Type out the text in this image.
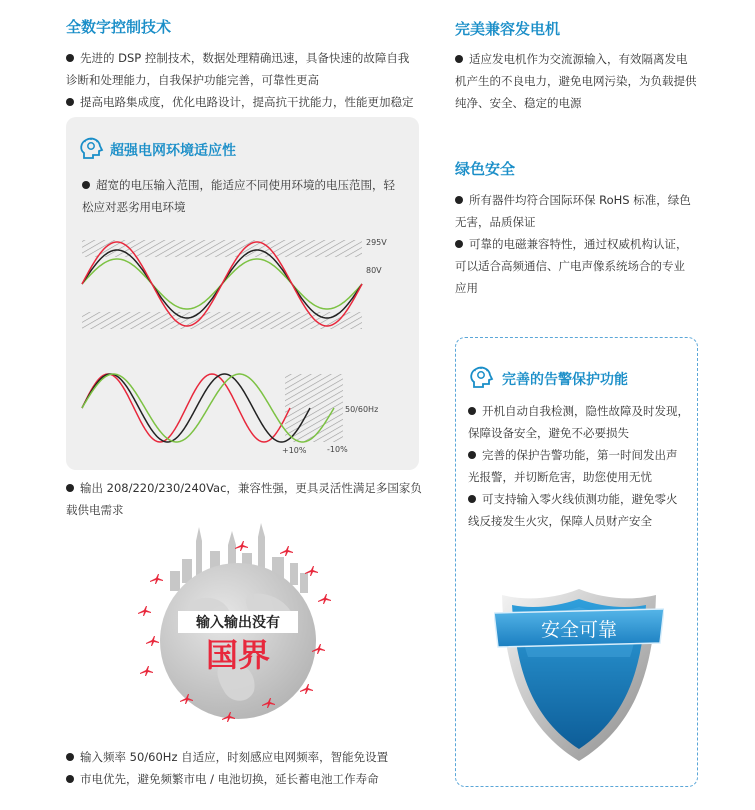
全数字控制技术
先进的 DSP 控制技术，数据处理精确迅速，具备快速的故障自我
诊断和处理能力，自我保护功能完善，可靠性更高
提高电路集成度，优化电路设计，提高抗干扰能力，性能更加稳定
超强电网环境适应性
超宽的电压输入范围，能适应不同使用环境的电压范围，轻
松应对恶劣用电环境
295V
80V
50/60Hz
+10%	-10%
输出 208/220/230/240Vac，兼容性强，更具灵活性满足多国家负
载供电需求
输入输出没有
国界
输入频率 50/60Hz 自适应，时刻感应电网频率，智能免设置
市电优先，避免频繁市电 / 电池切换，延长蓄电池工作寿命
完美兼容发电机
适应发电机作为交流源输入，有效隔离发电
机产生的不良电力，避免电网污染，为负载提供
纯净、安全、稳定的电源
绿色安全
所有器件均符合国际环保 RoHS 标准，绿色
无害，品质保证
可靠的电磁兼容特性，通过权威机构认证，
可以适合高频通信、广电声像系统场合的专业
应用
完善的告警保护功能
开机自动自我检测，隐性故障及时发现，
保障设备安全，避免不必要损失
完善的保护告警功能，第一时间发出声
光报警，并切断危害，助您使用无忧
可支持输入零火线侦测功能，避免零火
线反接发生火灾，保障人员财产安全
安全可靠
